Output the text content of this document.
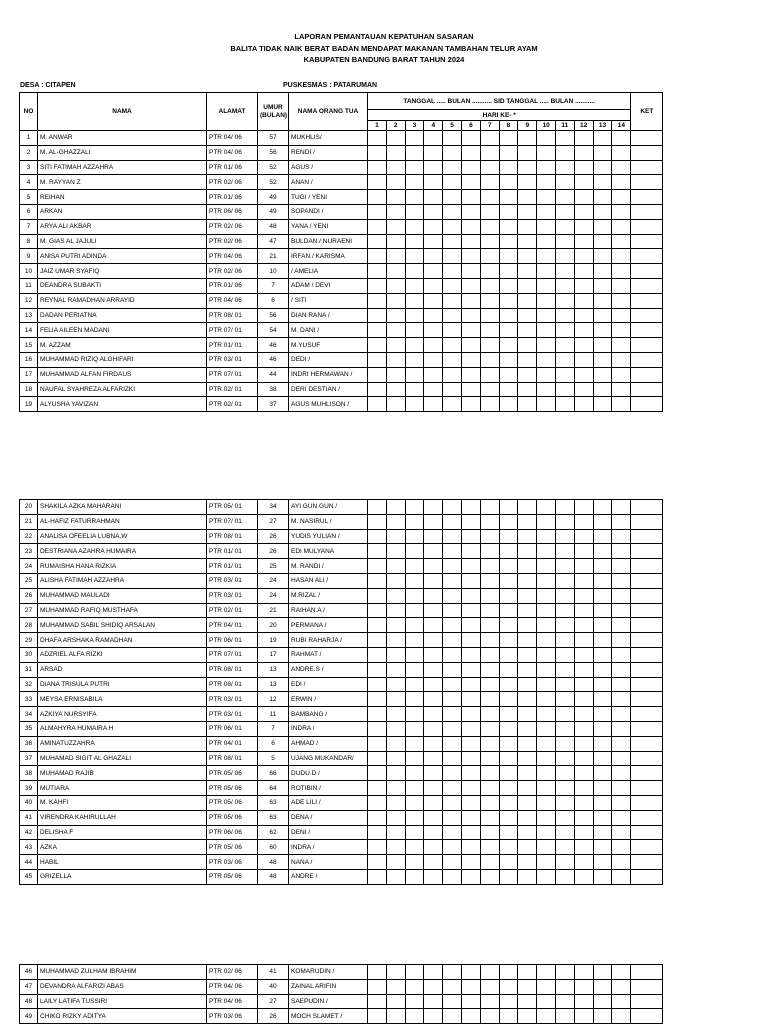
LAPORAN PEMANTAUAN KEPATUHAN SASARAN
BALITA TIDAK NAIK BERAT BADAN MENDAPAT MAKANAN TAMBAHAN TELUR AYAM
KABUPATEN BANDUNG BARAT TAHUN 2024
DESA : CITAPEN	PUSKESMAS : PATARUMAN
NO	NAMA	ALAMAT	UMUR (BULAN)	NAMA ORANG TUA	TANGGAL ..... BULAN ........... SID TANGGAL ..... BULAN ...........														KET
					HARI KE- *														
					1	2	3	4	5	6	7	8	9	10	11	12	13	14	
1	M. ANWAR	PTR 04/ 06	57	MUKHLIS/															
2	M. AL-GHAZZALI	PTR 04/ 06	56	RENDI /															
3	SITI FATIMAH AZZAHRA	PTR 01/ 06	52	AGUS /															
4	M. RAYYAN Z	PTR 02/ 06	52	ANAN /															
5	REIHAN	PTR 01/ 06	49	TUGI / YENI															
6	ARKAN	PTR 06/ 06	49	SOPANDI /															
7	ARYA ALI AKBAR	PTR 02/ 06	48	YANA / YENI															
8	M. GIAS AL JAJULI	PTR 02/ 06	47	BULDAN / NURAENI															
9	ANISA PUTRI ADINDA	PTR 04/ 06	21	IRFAN / KARISMA															
10	JAIZ UMAR SYAFIQ	PTR 02/ 06	10	/ AMELIA															
11	DEANDRA SUBAKTI	PTR 01/ 06	7	ADAM / DEVI															
12	REYNAL RAMADHAN ARRAYID	PTR 04/ 06	6	/ SITI															
13	DADAN PERIATNA	PTR 08/ 01	56	DIAN RANA /															
14	FELIA AILEEN MADANI	PTR 07/ 01	54	M. DANI /															
15	M. AZZAM	PTR 01/ 01	46	M.YUSUF															
16	MUHAMMAD RIZIQ ALGHIFARI	PTR 03/ 01	46	DEDI /															
17	MUHAMMAD ALFAN FIRDAUS	PTR 07/ 01	44	INDRI HERMAWAN /															
18	NAUFAL SYAHREZA ALFARIZKI	PTR 02/ 01	38	DERI DESTIAN /															
19	ALYUSHA YAVIZAN	PTR 02/ 01	37	AGUS MUHLISON /															
20	SHAKILA AZKA MAHARANI	PTR 05/ 01	34	AYI GUN GUN /															
21	AL-HAFIZ FATURRAHMAN	PTR 07/ 01	27	M. NASIRUL /															
22	ANALISA OFEELIA LUBNA.W	PTR 08/ 01	26	YUDIS YULIAN /															
23	DESTRIANA AZAHRA HUMAIRA	PTR 01/ 01	26	EDI MULYANA															
24	RUMAISHA HANA RIZKIA	PTR 01/ 01	25	M. RANDI /															
25	ALISHA FATIMAH AZZAHRA	PTR 03/ 01	24	HASAN ALI /															
26	MUHAMMAD MAULADI	PTR 03/ 01	24	M.RIZAL /															
27	MUHAMMAD RAFIQ MUSTHAFA	PTR 02/ 01	21	RAIHAN.A /															
28	MUHAMMAD SABIL SHIDIQ ARSALAN	PTR 04/ 01	20	PERMANA /															
29	DHAFA ARSHAKA RAMADHAN	PTR 06/ 01	19	RUBI RAHARJA /															
30	ADZRIEL ALFA RIZKI	PTR 07/ 01	17	RAHMAT /															
31	ARSAD	PTR 08/ 01	13	ANDRE.S /															
32	DIANA TRISULA PUTRI	PTR 08/ 01	13	EDI /															
33	MEYSA ERNISABILA	PTR 03/ 01	12	ERWIN /															
34	AZKIYA NURSYIFA	PTR 03/ 01	11	BAMBANG /															
35	ALMAHYRA HUMAIRA H	PTR 06/ 01	7	INDRA /															
36	AMINATUZZAHRA	PTR 04/ 01	6	AHMAD /															
37	MUHAMAD SIGIT AL GHAZALI	PTR 08/ 01	5	UJANG MUKANDAR/															
38	MUHAMAD RAJIB	PTR 05/ 06	66	DUDU.D /															
39	MUTIARA	PTR 05/ 06	64	ROTIBIN /															
40	M. KAHFI	PTR 05/ 06	63	ADE LILI /															
41	VIRENDRA KAHIRULLAH	PTR 05/ 06	63	DENA /															
42	DELISHA F	PTR 06/ 06	62	DENI /															
43	AZKA	PTR 05/ 06	60	INDRA /															
44	HABIL	PTR 03/ 06	48	NANA /															
45	GRIZELLA	PTR 05/ 06	48	ANDRE /															
46	MUHAMMAD ZULHAM IBRAHIM	PTR 02/ 06	41	KOMARUDIN /															
47	DEVANDRA ALFARIZI ABAS	PTR 04/ 06	40	ZAINAL ARIFIN															
48	LAILY LATIFA TUSSIRI	PTR 04/ 06	27	SAEPUDIN /															
49	CHIKO RIZKY ADITYA	PTR 03/ 06	26	MOCH SLAMET /															
